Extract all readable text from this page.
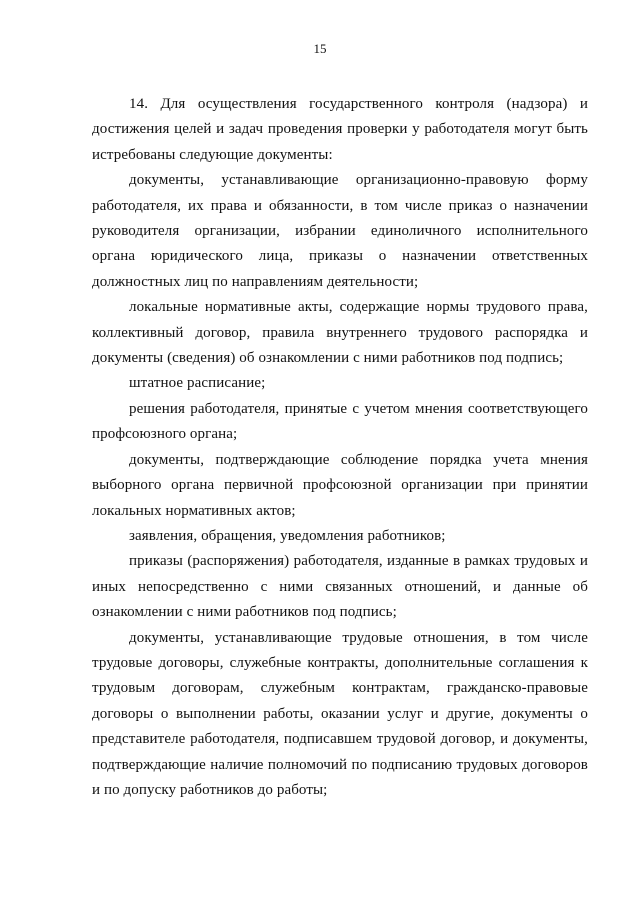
15

14. Для осуществления государственного контроля (надзора) и достижения целей и задач проведения проверки у работодателя могут быть истребованы следующие документы:

документы, устанавливающие организационно-правовую форму работодателя, их права и обязанности, в том числе приказ о назначении руководителя организации, избрании единоличного исполнительного органа юридического лица, приказы о назначении ответственных должностных лиц по направлениям деятельности;

локальные нормативные акты, содержащие нормы трудового права, коллективный договор, правила внутреннего трудового распорядка и документы (сведения) об ознакомлении с ними работников под подпись;

штатное расписание;

решения работодателя, принятые с учетом мнения соответствующего профсоюзного органа;

документы, подтверждающие соблюдение порядка учета мнения выборного органа первичной профсоюзной организации при принятии локальных нормативных актов;

заявления, обращения, уведомления работников;

приказы (распоряжения) работодателя, изданные в рамках трудовых и иных непосредственно с ними связанных отношений, и данные об ознакомлении с ними работников под подпись;

документы, устанавливающие трудовые отношения, в том числе трудовые договоры, служебные контракты, дополнительные соглашения к трудовым договорам, служебным контрактам, гражданско-правовые договоры о выполнении работы, оказании услуг и другие, документы о представителе работодателя, подписавшем трудовой договор, и документы, подтверждающие наличие полномочий по подписанию трудовых договоров и по допуску работников до работы;
